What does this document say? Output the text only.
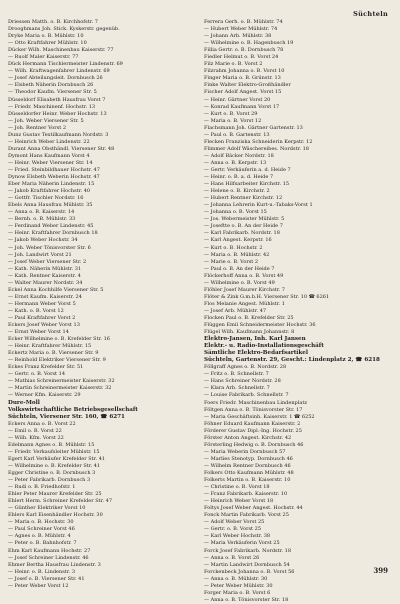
Süchteln
Driessen Matth. o. B. Kirchhofstr. 7
Drooghmans Joh. Stick. Kyskerstr. gegenüb.
Dryke Maria o. B. Mühlstr. 10
— Otto Kraftfahrer Mühlstr. 10
Dücker Wilh. Maschinenbau Kaiserstr. 77
— Ruolf Maler Kaiserstr. 77
Dück Hermann Tischlermeister Lindenstr. 69
— Wilh. Kraftwagenfahrer Lindenstr. 69
— Josef Abteilungsleit. Dornbusch 26
— Elsbeth Näherin Dornbusch 26
— Theodor Kaufm. Viersener Str. 5
Düsseldorf Elisabeth Hausfrau Vorst 7
— Friedr. Maschinenf. Hochstr. 13
Düsseldorfer Heinr. Weber Hochstr. 13
— Joh. Weber Viersener Str. 5
— Joh. Rentner Vorst 2
Dunz Gustav Textilkaufmann Nordstr. 3
— Heinrich Weber Lindenstr. 22
Durant Anna Obsthändl. Viersener Str. 48
Dymont Hans Kaufmann Vorst 4
— Heinr. Weber Viersener Str. 14
— Fried. Steinbildhauer Hochstr. 47
Dynow Elsbeth Weberin Hochstr. 47
Eber Maria Näherin Lindenstr. 15
— Jakob Kraftfahrer Hochstr. 40
— Gottfr. Tischler Nordstr. 16
Ebels Anna Hausfrau Mühlstr. 35
— Anna o. B. Kaiserstr. 14
— Bernh. o. B. Mühlstr. 33
— Ferdinand Weber Lindenstr. 45
— Heinr. Kraftfahrer Dornbusch 18
— Jakob Weber Hochstr. 34
— Joh. Weber Tönisvorster Str. 6
— Joh. Landwirt Vorst 21
— Josef Weber Viersener Str. 2
— Kath. Näherin Mühlstr. 31
— Kath. Rentner Kaiserstr. 4
— Walter Maurer Nordstr. 34
Eckel Anna Kochhilfe Viersener Str. 5
— Ernst Kaufm. Kaiserstr. 24
— Hermann Weber Vorst 5
— Kath. o. B. Vorst 12
— Paul Kraftfahrer Vorst 2
Eckers Josef Weber Vorst 13
— Ernst Weber Vorst 14
Ecker Wilhelmine o. B. Krefelder Str. 16
— Heinr. Kraftfahrer Mühlstr. 15
Eckertz Maria o. B. Viersener Str. 9
— Reinhold Elektriker Viersener Str. 9
Eckes Franz Krefelder Str. 51
— Gertr. o. B. Vorst 14
— Mathias Schreinermeister Kaiserstr. 32
— Martin Schreinermeister Kaiserstr. 32
— Werner Kfm. Kaiserstr. 29
Dure-Moll
Volkswirtschaftliche Betriebsgesellschaft
Süchteln, Viersener Str. 160, ☎ 6271
Eckers Anna o. B. Vorst 22
— Emil o. B. Vorst 22
— Wilh. Kfm. Vorst 22
Edelmann Agnes o. B. Mühlstr. 15
— Friedr. Verkaufsleiter Mühlstr. 15
Egert Karl Verkäufer Krefelder Str. 41
— Wilhelmine o. B. Krefelder Str. 41
Egger Christine o. B. Dornbusch 3
— Peter Fabrikarb. Dornbusch 3
— Rudi o. B. Friedhofstr. 1
Ehler Peter Maurer Krefelder Str. 25
Ehlert Herm. Schreiner Krefelder Str. 47
— Günther Elektriker Vorst 10
Ehlers Karl Eisenhändler Hochstr. 30
— Maria o. B. Hochstr. 30
— Paul Schreiner Vorst 46
— Agnes o. B. Mühlstr. 4
— Peter o. B. Bahnhofstr. 7
Ehm Karl Kaufmann Hochstr. 27
— Josef Schreiner Lindenstr. 46
Ehmer Bertha Hausfrau Lindenstr. 3
— Heinr. o. B. Lindenstr. 3
— Josef o. B. Viersener Str. 41
— Peter Weber Vorst 12
Ferrera Gerh. o. B. Mühlstr. 74
— Hubert Weber Mühlstr. 74
— Johann Arb. Mühlstr. 38
— Wilhelmine o. B. Hagenbusch 19
Fillia Gertr. o. B. Dornbusch 78
Fiedler Helmut o. B. Vorst 24
Filz Marie o. B. Vorst 2
Filzrahm Johanna o. B. Vorst 10
Finger Maria o. B. Grünstr. 13
Finke Walter Elektro-Großhändler
Fischer Adolf Angest. Vorst 15
— Heinr. Gärtner Vorst 20
— Konrad Kaufmann Vorst 17
— Kurt o. B. Vorst 29
— Maria o. B. Vorst 12
Flachsmann Joh. Gärtner Gartenstr. 13
— Paul o. B. Gartenstr. 13
Flecken Franziska Schneiderin Kerpstr. 12
Flimmer Adolf Wäschereibes. Nordstr. 18
— Adolf Bäcker Nordstr. 18
— Anna o. B. Kerpstr. 13
— Gertr. Verkäuferin a. d. Heide 7
— Heinr. o. B. a. d. Heide 7
— Hans Hilfsarbeiter Kirchstr. 15
— Helene o. B. Kirchstr. 2
— Hubert Rentner Kirchstr. 12
— Johanna Lehrerin Kurt-u.-Tabaks-Vorst 1
— Johanna o. B. Vorst 15
— Jos. Webermeister Mühlstr. 5
— Joseftte o. B. An der Heide 7
— Karl Fabrikarb. Nordstr. 18
— Karl Angest. Kerpstr. 16
— Kurt o. B. Hochstr. 2
— Maria o. B. Mühlstr. 42
— Marie o. B. Vorst 2
— Paul o. B. An der Heide 7
Flöckerhoff Anna o. B. Vorst 49
— Wilhelmine o. B. Vorst 49
Flöhler Josef Maurer Kirchstr. 7
Flöter & Zink G.m.b.H. Viersener Str. 10 ☎ 6261
Flos Melanie Angest. Mühlstr. 1
— Josef Arb. Mühlstr. 47
Flocken Paul o. B. Krefelder Str. 25
Flüggen Emil Schneidermeister Hochstr. 36
Flügel Wilh. Kaufmann Johannstr. 8
Elektro-Jansen, Inh. Karl Jansen
Elektr.- u. Radio-Installationsgeschäft
Sämtliche Elektro-Bedarfsartikel
Süchteln, Gartenstr. 29, Gescht.: Lindenplatz 2, ☎ 6218
Föllgraff Agnes o. B. Nordstr. 28
— Fritz o. B. Schnellstr. 7
— Hans Schreiner Nordstr. 28
— Klara Arb. Schnellstr. 7
— Louise Fabrikarb. Schnellstr. 7
Foers Friedr. Maschinenbau Lindenplatz
Föltgen Anna o. B. Tönisvorster Str. 17
— Maria Geschäftsinh. Kaiserstr. 1 ☎ 6252
Föhner Eduard Kaufmann Kaiserstr. 2
Förderer Gustav Dipl.-Ing. Hochstr. 25
Förster Anton Angest. Kirchstr. 42
Försterling Hedwig o. B. Dornbusch 46
— Maria Weberin Dornbusch 57
— Marlies Stenotyp. Dornbusch 46
— Wilhelm Rentner Dornbusch 46
Folkers Otto Kaufmann Mühlstr. 48
Folkerts Martin o. B. Kaiserstr. 10
— Christine o. B. Vorst 18
— Franz Fabrikarb. Kaiserstr. 10
— Heinrich Weber Vorst 18
Foltys Josef Weber Angest. Hochstr. 44
Fonck Martin Fabrikarb. Vorst 25
— Adolf Weber Vorst 25
— Gertr. o. B. Vorst 25
— Karl Weber Hochstr. 38
— Maria Verkäuferin Vorst 25
Forck Josef Fabrikarb. Nordstr. 18
— Anna o. B. Vorst 26
— Martin Landwirt Dornbusch 54
Forckenbeck Johanna o. B. Vorst 56
— Anna o. B. Mühlstr. 30
— Peter Weber Mühlstr. 30
Forger Maria o. B. Vorst 6
— Anna o. B. Tönisvorster Str. 18
399
